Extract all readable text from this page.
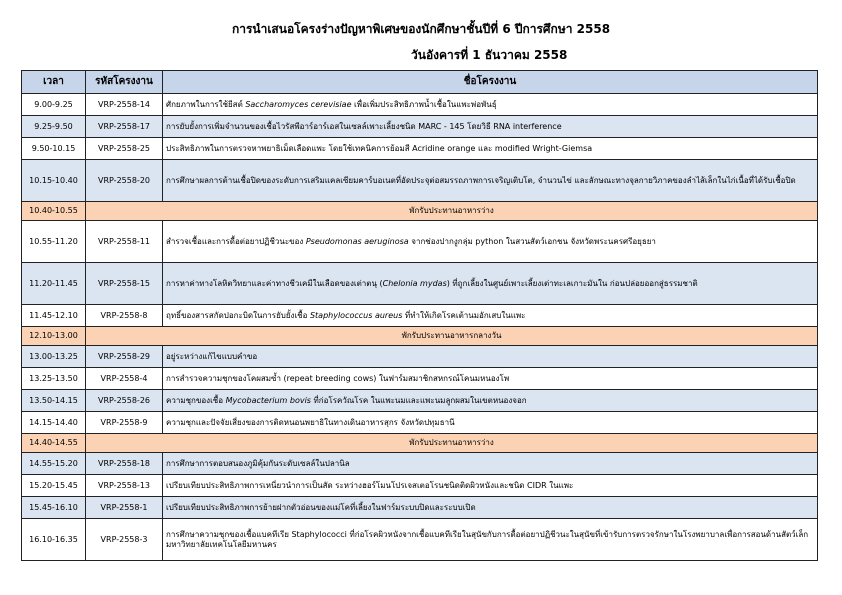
การนำเสนอโครงร่างปัญหาพิเศษของนักศึกษาชั้นปีที่ 6 ปีการศึกษา 2558
วันอังคารที่ 1 ธันวาคม 2558
เวลา	รหัสโครงงาน	ชื่อโครงงาน
9.00-9.25	VRP-2558-14	ศักยภาพในการใช้ยีสต์ Saccharomyces cerevisiae เพื่อเพิ่มประสิทธิภาพน้ำเชื้อในแพะพ่อพันธุ์
9.25-9.50	VRP-2558-17	การยับยั้งการเพิ่มจำนวนของเชื้อไวรัสพีอาร์อาร์เอสในเซลล์เพาะเลี้ยงชนิด MARC - 145 โดยวิธี RNA interference
9.50-10.15	VRP-2558-25	ประสิทธิภาพในการตรวจหาพยาธิเม็ดเลือดแพะ โดยใช้เทคนิคการย้อมสี Acridine orange และ modified Wright-Giemsa
10.15-10.40	VRP-2558-20	การศึกษาผลการต้านเชื้อปิดของระดับการเสริมแคลเซียมคาร์บอเนตที่อัดประจุต่อสมรรถภาพการเจริญเติบโต, จำนวนไข่ และลักษณะทางจุลกายวิภาคของลำไส้เล็กในไก่เนื้อที่ได้รับเชื้อปิด
10.40-10.55	พักรับประทานอาหารว่าง	
10.55-11.20	VRP-2558-11	สำรวจเชื้อและการดื้อต่อยาปฏิชีวนะของ Pseudomonas aeruginosa จากช่องปากงูกลุ่ม python ในสวนสัตว์เอกชน จังหวัดพระนครศรีอยุธยา
11.20-11.45	VRP-2558-15	การหาค่าทางโลหิตวิทยาและค่าทางชีวเคมีในเลือดของเต่าตนุ (Chelonia mydas) ที่ถูกเลี้ยงในศูนย์เพาะเลี้ยงเต่าทะเลเกาะมันใน ก่อนปล่อยออกสู่ธรรมชาติ
11.45-12.10	VRP-2558-8	ฤทธิ์ของสารสกัดปอกะบิดในการยับยั้งเชื้อ Staphylococcus aureus ที่ทำให้เกิดโรคเต้านมอักเสบในแพะ
12.10-13.00	พักรับประทานอาหารกลางวัน	
13.00-13.25	VRP-2558-29	อยู่ระหว่างแก้ไขแบบคำขอ
13.25-13.50	VRP-2558-4	การสำรวจความชุกของโคผสมซ้ำ (repeat breeding cows) ในฟาร์มสมาชิกสหกรณ์โคนมหนองโพ
13.50-14.15	VRP-2558-26	ความชุกของเชื้อ Mycobacterium bovis ที่ก่อโรควัณโรค ในแพะนมและแพะนมลูกผสมในเขตหนองจอก
14.15-14.40	VRP-2558-9	ความชุกและปัจจัยเสี่ยงของการติดหนอนพยาธิในทางเดินอาหารสุกร จังหวัดปทุมธานี
14.40-14.55	พักรับประทานอาหารว่าง	
14.55-15.20	VRP-2558-18	การศึกษาการตอบสนองภูมิคุ้มกันระดับเซลล์ในปลานิล
15.20-15.45	VRP-2558-13	เปรียบเทียบประสิทธิภาพการเหนี่ยวนำการเป็นสัด ระหว่างฮอร์โมนโปรเจสเตอโรนชนิดติดผิวหนังและชนิด CIDR ในแพะ
15.45-16.10	VRP-2558-1	เปรียบเทียบประสิทธิภาพการย้ายฝากตัวอ่อนของแม่โคที่เลี้ยงในฟาร์มระบบปิดและระบบเปิด
16.10-16.35	VRP-2558-3	การศึกษาความชุกของเชื้อแบคทีเรีย Staphylococci ที่ก่อโรคผิวหนังจากเชื้อแบคทีเรียในสุนัขกับการดื้อต่อยาปฏิชีวนะในสุนัขที่เข้ารับการตรวจรักษาในโรงพยาบาลเพื่อการสอนด้านสัตว์เล็ก มหาวิทยาลัยเทคโนโลยีมหานคร
